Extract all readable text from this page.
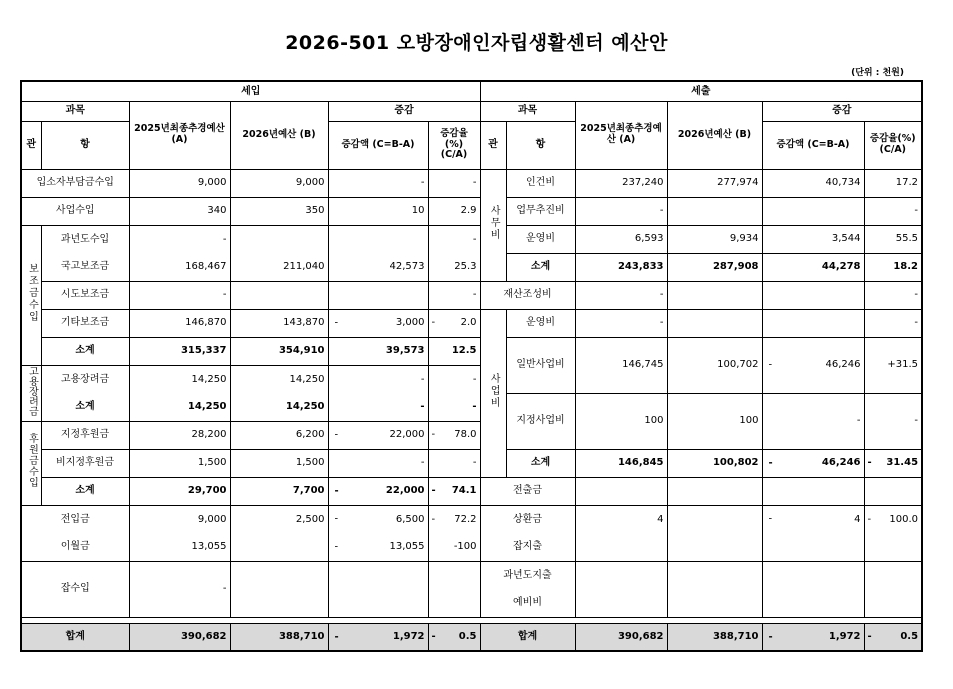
2026-501 오방장애인자립생활센터 예산안
(단위 : 천원)
세입						세출					
과목		2025년최종추경예산 (A)	2026년예산 (B)	증감		과목		2025년최종추경예산 (A)	2026년예산 (B)	증감	
관	항			증감액 (C=B-A)	증감율(%) (C/A)	관	항			증감액 (C=B-A)	증감율(%) (C/A)
입소자부담금수입		9,000	9,000	-	-	사무비	인건비	237,240	277,974	40,734	17.2
사업수입		340	350	10	2.9		업무추진비	-			-
보조금수입	과년도수입	-			-		운영비	6,593	9,934	3,544	55.5
	국고보조금	168,467	211,040	42,573	25.3		소계	243,833	287,908	44,278	18.2
	시도보조금	-			-	재산조성비		-			-
	기타보조금	146,870	143,870	- 3,000	- 2.0	사업비	운영비	-			-
	소계	315,337	354,910	39,573	12.5		일반사업비	146,745	100,702	- 46,246	+31.5
고용장려금	고용장려금	14,250	14,250	-	-						
	소계	14,250	14,250	-	-		지정사업비	100	100	-	-
후원금수입	지정후원금	28,200	6,200	- 22,000	- 78.0						

	비지정후원금	1,500	1,500	-	-		소계	146,845	100,802	- 46,246	- 31.45

	소계	29,700	7,700	- 22,000	- 74.1	전출금					
전입금		9,000	2,500	- 6,500	- 72.2	상환금		4		- 4	- 100.0

이월금		13,055		- 13,055	-100	잡지출					
잡수입		-				과년도지출					
						예비비					

합계		390,682	388,710	- 1,972	- 0.5	합계		390,682	388,710	- 1,972	- 0.5
